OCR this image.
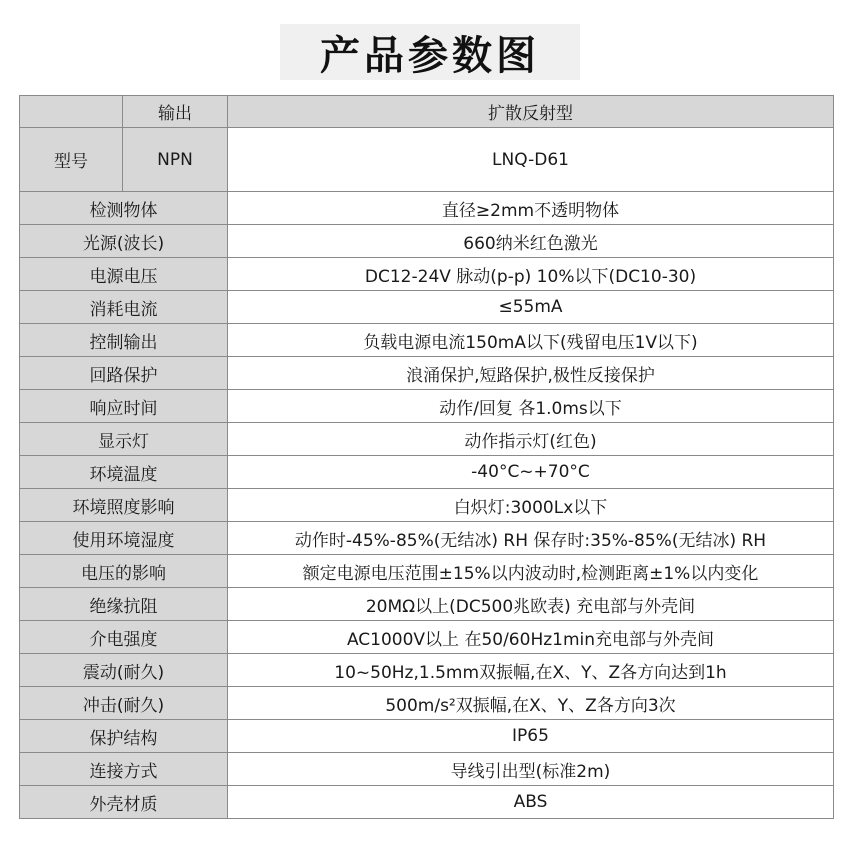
产品参数图
	输出	扩散反射型
型号	NPN	LNQ-D61
检测物体		直径≥2mm不透明物体
光源(波长)		660纳米红色激光
电源电压		DC12-24V 脉动(p-p) 10%以下(DC10-30)
消耗电流		≤55mA
控制输出		负载电源电流150mA以下(残留电压1V以下)
回路保护		浪涌保护,短路保护,极性反接保护
响应时间		动作/回复 各1.0ms以下
显示灯		动作指示灯(红色)
环境温度		-40°C~+70°C
环境照度影响		白炽灯:3000Lx以下
使用环境湿度		动作时-45%-85%(无结冰) RH 保存时:35%-85%(无结冰) RH
电压的影响		额定电源电压范围±15%以内波动时,检测距离±1%以内变化
绝缘抗阻		20MΩ以上(DC500兆欧表) 充电部与外壳间
介电强度		AC1000V以上 在50/60Hz1min充电部与外壳间
震动(耐久)		10~50Hz,1.5mm双振幅,在X、Y、Z各方向达到1h
冲击(耐久)		500m/s²双振幅,在X、Y、Z各方向3次
保护结构		IP65
连接方式		导线引出型(标准2m)
外壳材质		ABS
